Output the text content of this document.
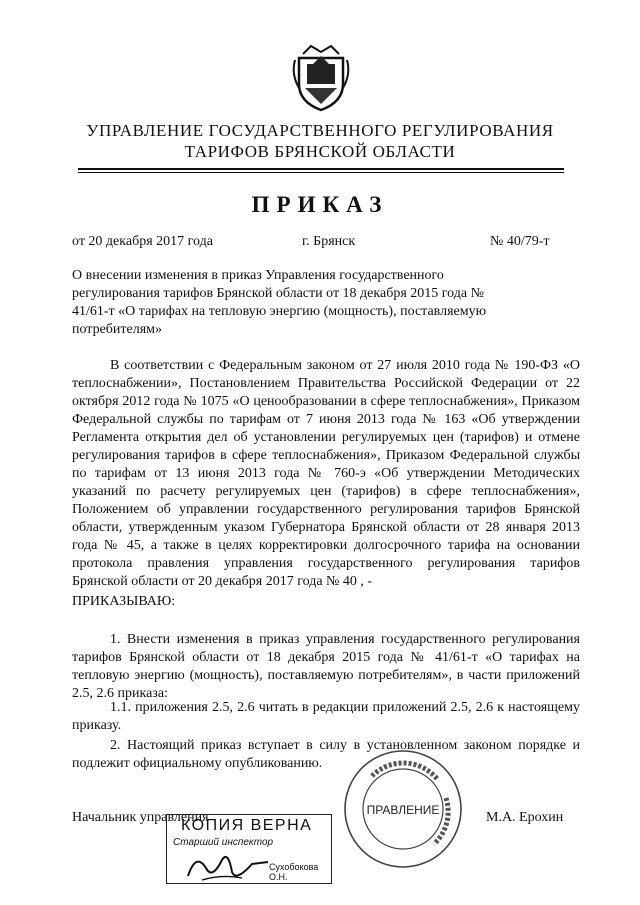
УПРАВЛЕНИЕ ГОСУДАРСТВЕННОГО РЕГУЛИРОВАНИЯ
ТАРИФОВ БРЯНСКОЙ ОБЛАСТИ
ПРИКАЗ
от 20 декабря 2017 года	г. Брянск	№ 40/79-т
О внесении изменения в приказ Управления государственного регулирования тарифов Брянской области от 18 декабря 2015 года № 41/61-т «О тарифах на тепловую энергию (мощность), поставляемую потребителям»
В соответствии с Федеральным законом от 27 июля 2010 года № 190-ФЗ «О теплоснабжении», Постановлением Правительства Российской Федерации от 22 октября 2012 года № 1075 «О ценообразовании в сфере теплоснабжения», Приказом Федеральной службы по тарифам от 7 июня 2013 года № 163 «Об утверждении Регламента открытия дел об установлении регулируемых цен (тарифов) и отмене регулирования тарифов в сфере теплоснабжения», Приказом Федеральной службы по тарифам от 13 июня 2013 года № 760-э «Об утверждении Методических указаний по расчету регулируемых цен (тарифов) в сфере теплоснабжения», Положением об управлении государственного регулирования тарифов Брянской области, утвержденным указом Губернатора Брянской области от 28 января 2013 года № 45, а также в целях корректировки долгосрочного тарифа на основании протокола правления управления государственного регулирования тарифов Брянской области от 20 декабря 2017 года № 40 , -
ПРИКАЗЫВАЮ:
1. Внести изменения в приказ управления государственного регулирования тарифов Брянской области от 18 декабря 2015 года № 41/61-т «О тарифах на тепловую энергию (мощность), поставляемую потребителям», в части приложений 2.5, 2.6 приказа:
1.1. приложения 2.5, 2.6 читать в редакции приложений 2.5, 2.6 к настоящему приказу.
2. Настоящий приказ вступает в силу в установленном законом порядке и подлежит официальному опубликованию.
Начальник управления	М.А. Ерохин
ПРАВЛЕНИЕ
КОПИЯ ВЕРНА
Старший инспектор
Сухобокова О.Н.
